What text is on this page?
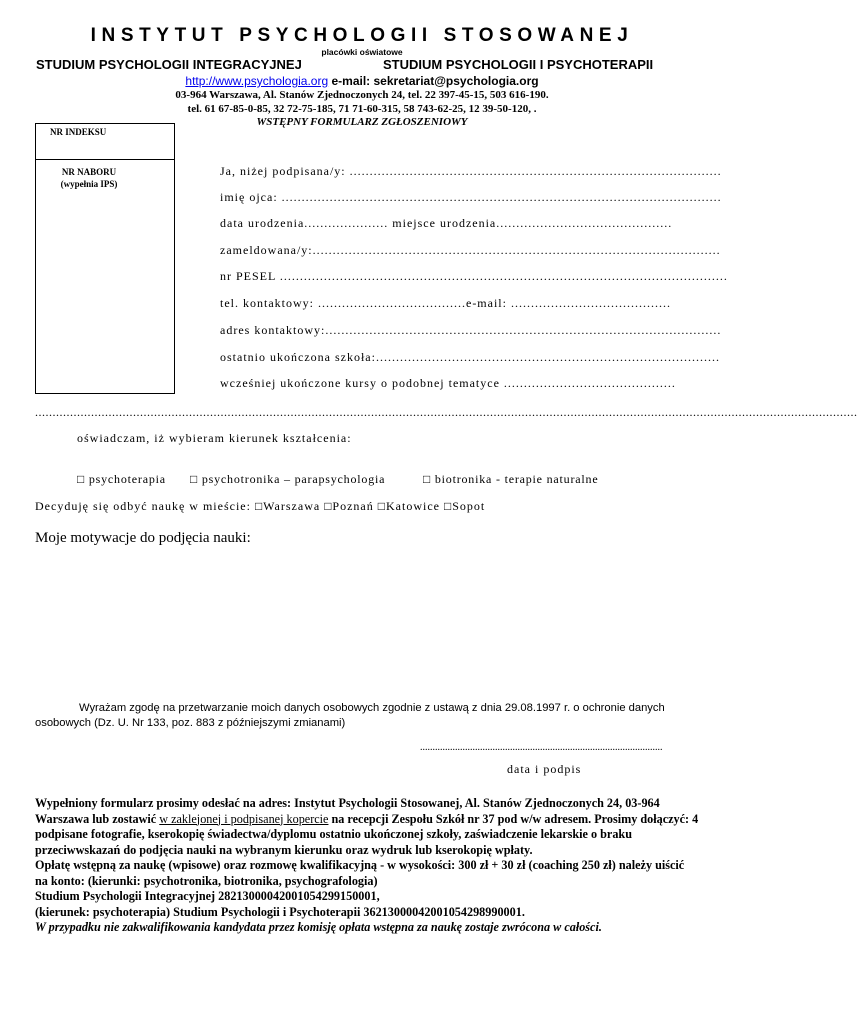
INSTYTUT PSYCHOLOGII STOSOWANEJ
placówki oświatowe
STUDIUM PSYCHOLOGII INTEGRACYJNEJ	STUDIUM PSYCHOLOGII I PSYCHOTERAPII
http://www.psychologia.org e-mail: sekretariat@psychologia.org
03-964 Warszawa, Al. Stanów Zjednoczonych 24, tel. 22 397-45-15, 503 616-190.
tel. 61 67-85-0-85, 32 72-75-185, 71 71-60-315, 58 743-62-25, 12 39-50-120, .
WSTĘPNY FORMULARZ ZGŁOSZENIOWY
NR INDEKSU
NR NABORU
(wypełnia IPS)
Ja, niżej podpisana/y: .............................................................................................
imię ojca: ..............................................................................................................
data urodzenia..................... miejsce urodzenia............................................
zameldowana/y:......................................................................................................
nr PESEL ................................................................................................................
tel. kontaktowy: .....................................e-mail: ........................................
adres kontaktowy:...................................................................................................
ostatnio ukończona szkoła:......................................................................................
wcześniej ukończone kursy o podobnej tematyce ...........................................
...........................................................................................................................................................................................................................................
oświadczam, iż wybieram kierunek kształcenia:
□ psychoterapia □ psychotronika – parapsychologia	□ biotronika - terapie naturalne
Decyduję się odbyć naukę w mieście: □Warszawa □Poznań □Katowice □Sopot
Moje motywacje do podjęcia nauki:
Wyrażam zgodę na przetwarzanie moich danych osobowych zgodnie z ustawą z dnia 29.08.1997 r. o ochronie danych osobowych (Dz. U. Nr 133, poz. 883 z późniejszymi zmianami)
.................................................................................................
data i podpis

Wypełniony formularz prosimy odesłać na adres: Instytut Psychologii Stosowanej, Al. Stanów Zjednoczonych 24, 03-964 Warszawa lub zostawić w zaklejonej i podpisanej kopercie na recepcji Zespołu Szkół nr 37 pod w/w adresem. Prosimy dołączyć: 4 podpisane fotografie, kserokopię świadectwa/dyplomu ostatnio ukończonej szkoły, zaświadczenie lekarskie o braku przeciwwskazań do podjęcia nauki na wybranym kierunku oraz wydruk lub kserokopię wpłaty.

Opłatę wstępną za naukę (wpisowe) oraz rozmowę kwalifikacyjną - w wysokości: 300 zł + 30 zł (coaching 250 zł) należy uiścić na konto: (kierunki: psychotronika, biotronika, psychografologia)

Studium Psychologii Integracyjnej 28213000042001054299150001,

(kierunek: psychoterapia) Studium Psychologii i Psychoterapii 36213000042001054298990001.

W przypadku nie zakwalifikowania kandydata przez komisję opłata wstępna za naukę zostaje zwrócona w całości.
